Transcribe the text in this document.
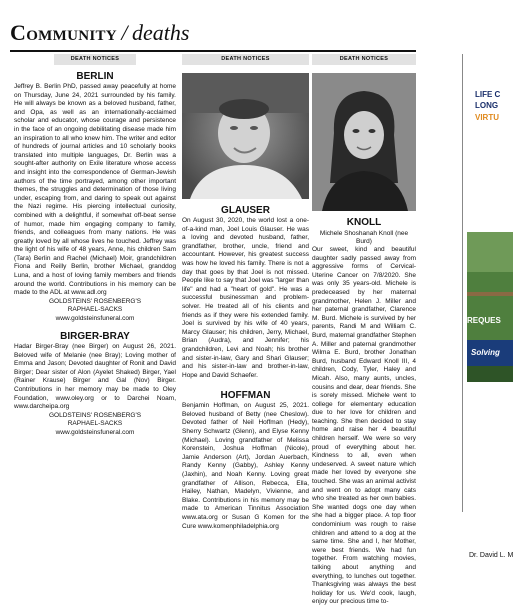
Community / deaths
DEATH NOTICES
BERLIN
Jeffrey B. Berlin PhD, passed away peacefully at home on Thursday, June 24, 2021 surrounded by his family. He will always be known as a beloved husband, father, and Opa, as well as an internationally-acclaimed scholar and educator, whose courage and persistence in the face of an ongoing debilitating disease made him an inspiration to all who knew him. The writer and editor of hundreds of journal articles and 10 scholarly books translated into multiple languages, Dr. Berlin was a sought-after authority on Exile literature whose access and insight into the correspondence of German-Jewish authors of the time portrayed, among other important themes, the struggles and determination of those living under, escaping from, and daring to speak out against the Nazi regime. His piercing intellectual curiosity, combined with a delightful, if somewhat off-beat sense of humor, made him engaging company to family, friends, and colleagues from many nations. He was greatly loved by all whose lives he touched. Jeffrey was the light of his wife of 48 years, Anne, his children Sam (Tara) Berlin and Rachel (Michael) Moir, grandchildren Fiona and Reilly Berlin, brother Michael, granddog Luna, and a host of loving family members and friends around the world. Contributions in his memory can be made to the ADL at www.adl.org
GOLDSTEINS' ROSENBERG'S
RAPHAEL-SACKS
www.goldsteinsfuneral.com
BIRGER-BRAY
Hadar Birger-Bray (nee Birger) on August 26, 2021. Beloved wife of Melanie (nee Bray); Loving mother of Emma and Jason; Devoted daughter of Ronit and David Birger; Dear sister of Alon (Ayelet Shaked) Birger, Yael (Rainer Krause) Birger and Gal (Nov) Birger. Contributions in her memory may be made to Oley Foundation, www.oley.org or to Darchei Noam, www.darcheipa.org
GOLDSTEINS' ROSENBERG'S
RAPHAEL-SACKS
www.goldsteinsfuneral.com
DEATH NOTICES
GLAUSER
On August 30, 2020, the world lost a one-of-a-kind man, Joel Louis Glauser. He was a loving and devoted husband, father, grandfather, brother, uncle, friend and accountant. However, his greatest success was how he loved his family. There is not a day that goes by that Joel is not missed. People like to say that Joel was "larger than life" and had a "heart of gold". He was a successful businessman and problem-solver. He treated all of his clients and friends as if they were his extended family. Joel is survived by his wife of 40 years, Marcy Glauser; his children, Jerry, Michael, Brian (Audra), and Jennifer; his grandchildren, Levi and Noah; his brother and sister-in-law, Gary and Shari Glauser; and his sister-in-law and brother-in-law, Hope and David Schaefer.
HOFFMAN
Benjamin Hoffman, on August 25, 2021. Beloved husband of Betty (nee Cheslow). Devoted father of Neil Hoffman (Hedy), Sherry Schwartz (Glenn), and Elyse Kenny (Michael). Loving grandfather of Melissa Korenstein, Joshua Hoffman (Nicole), Jamie Anderson (Art), Jordan Auerbach, Randy Kenny (Gabby), Ashley Kenny (Jaxhin), and Noah Kenny. Loving great grandfather of Allison, Rebecca, Ella, Hailey, Nathan, Madelyn, Vivienne, and Blake. Contributions in his memory may be made to American Tinnitus Association www.ata.org or Susan G Komen for the Cure www.komenphiladelphia.org
DEATH NOTICES
KNOLL
Michele Shoshanah Knoll (nee Burd)
Our sweet, kind and beautiful daughter sadly passed away from aggressive forms of Cervical-Uterine Cancer on 7/8/2020. She was only 35 years-old. Michele is predeceased by her maternal grandmother, Helen J. Miller and her paternal grandfather, Clarence M. Burd. Michele is survived by her parents, Randi M and William C. Burd, maternal grandfather Stephen A. Miller and paternal grandmother Wilma E. Burd, brother Jonathan Burd, husband Edward Knoll III, 4 children, Cody, Tyler, Haley and Micah. Also, many aunts, uncles, cousins and dear, dear friends. She is sorely missed. Michele went to college for elementary education due to her love for children and teaching. She then decided to stay home and raise her 4 beautiful children herself. We were so very proud of everything about her. Kindness to all, even when undeserved. A sweet nature which made her loved by everyone she touched. She was an animal activist and went on to adopt many cats who she treated as her own babies. She wanted dogs one day when she had a bigger place. A top floor condominium was rough to raise children and attend to a dog at the same time. She and I, her Mother, were best friends. We had fun together. From watching movies, talking about anything and everything, to lunches out together. Thanksgiving was always the best holiday for us. We'd cook, laugh, enjoy our precious time to-
LIFE C
LONG
VIRTU
REQUES
Solving
Dr. David L. M
